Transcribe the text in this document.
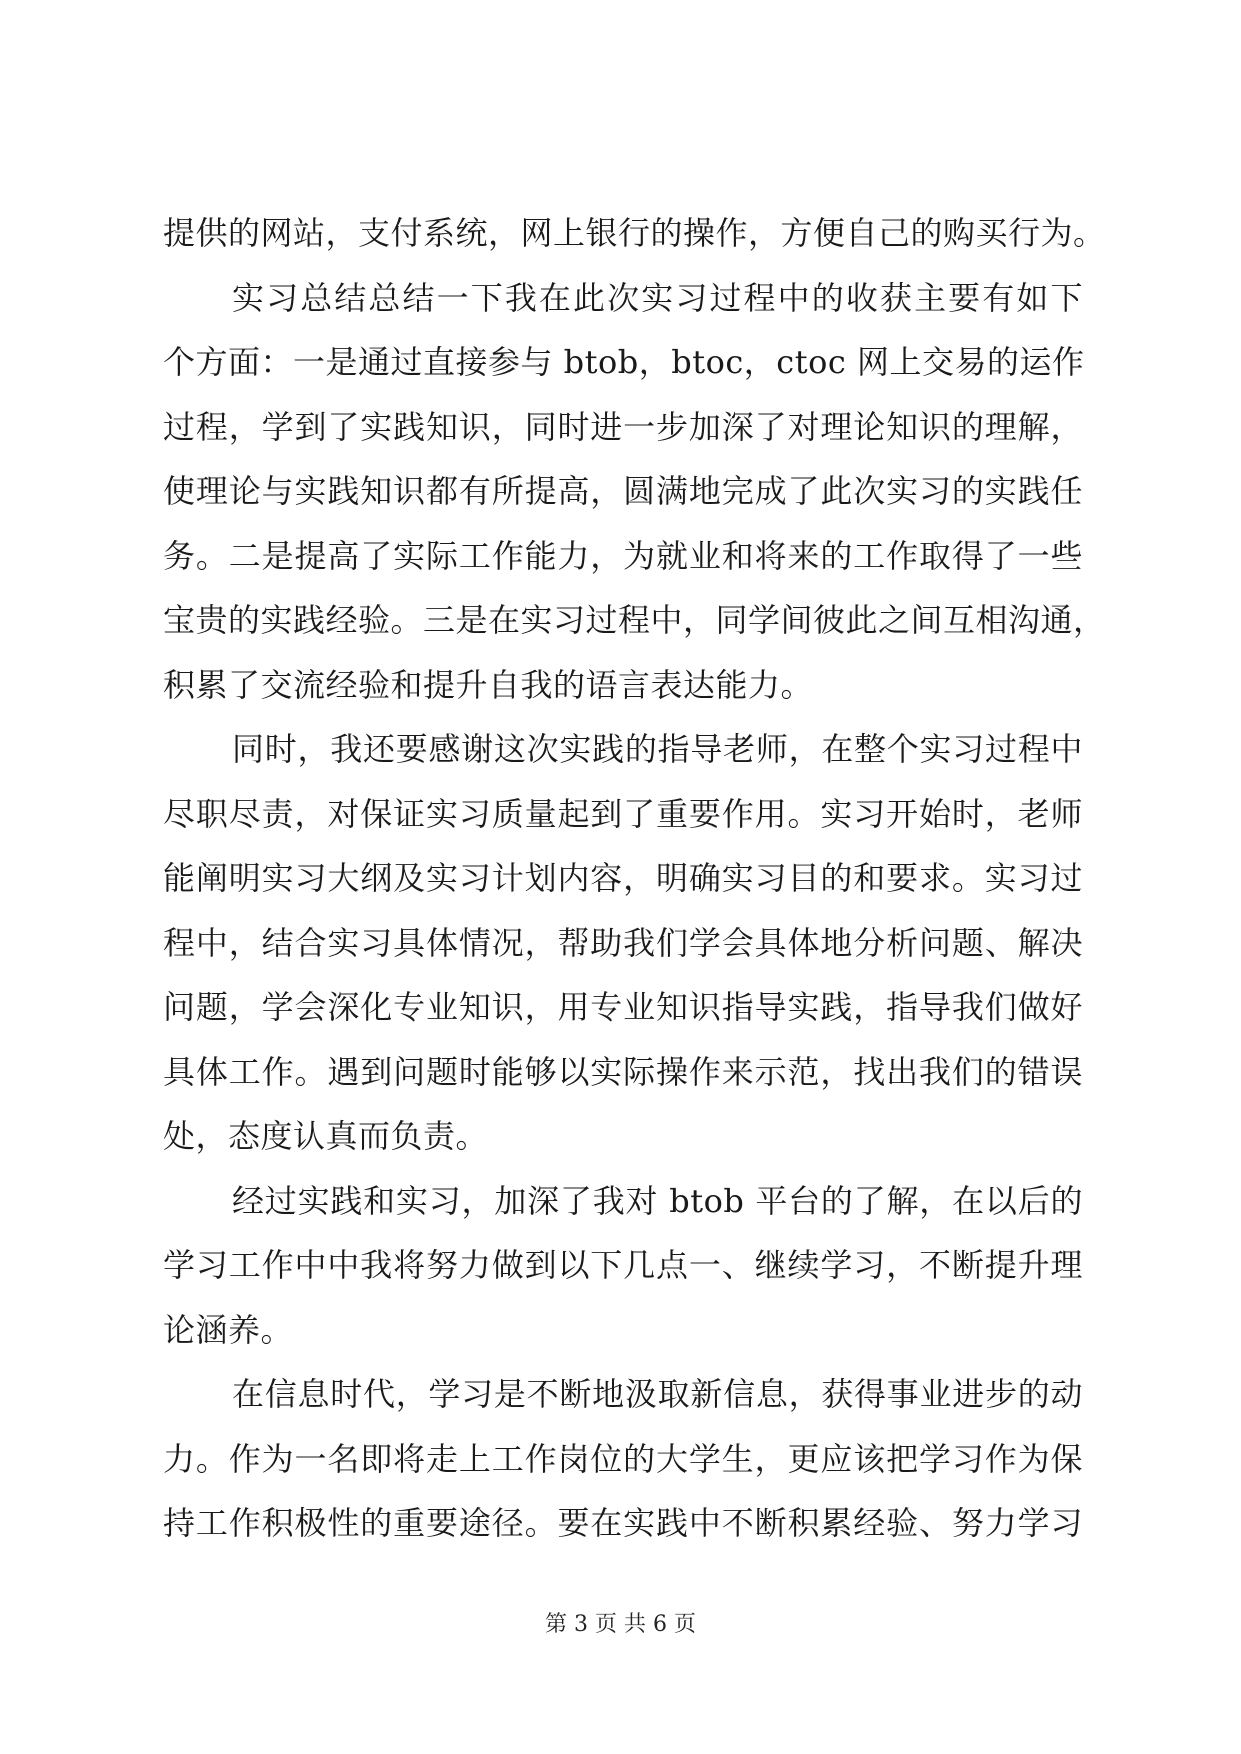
提供的网站，支付系统，网上银行的操作，方便自己的购买行为。
实习总结总结一下我在此次实习过程中的收获主要有如下
个方面：一是通过直接参与 btob，btoc，ctoc 网上交易的运作
过程，学到了实践知识，同时进一步加深了对理论知识的理解，
使理论与实践知识都有所提高，圆满地完成了此次实习的实践任
务。二是提高了实际工作能力，为就业和将来的工作取得了一些
宝贵的实践经验。三是在实习过程中，同学间彼此之间互相沟通，
积累了交流经验和提升自我的语言表达能力。
同时，我还要感谢这次实践的指导老师，在整个实习过程中
尽职尽责，对保证实习质量起到了重要作用。实习开始时，老师
能阐明实习大纲及实习计划内容，明确实习目的和要求。实习过
程中，结合实习具体情况，帮助我们学会具体地分析问题、解决
问题，学会深化专业知识，用专业知识指导实践，指导我们做好
具体工作。遇到问题时能够以实际操作来示范，找出我们的错误
处，态度认真而负责。
经过实践和实习，加深了我对 btob 平台的了解，在以后的
学习工作中中我将努力做到以下几点一、继续学习，不断提升理
论涵养。
在信息时代，学习是不断地汲取新信息，获得事业进步的动
力。作为一名即将走上工作岗位的大学生，更应该把学习作为保
持工作积极性的重要途径。要在实践中不断积累经验、努力学习
第 3 页 共 6 页
